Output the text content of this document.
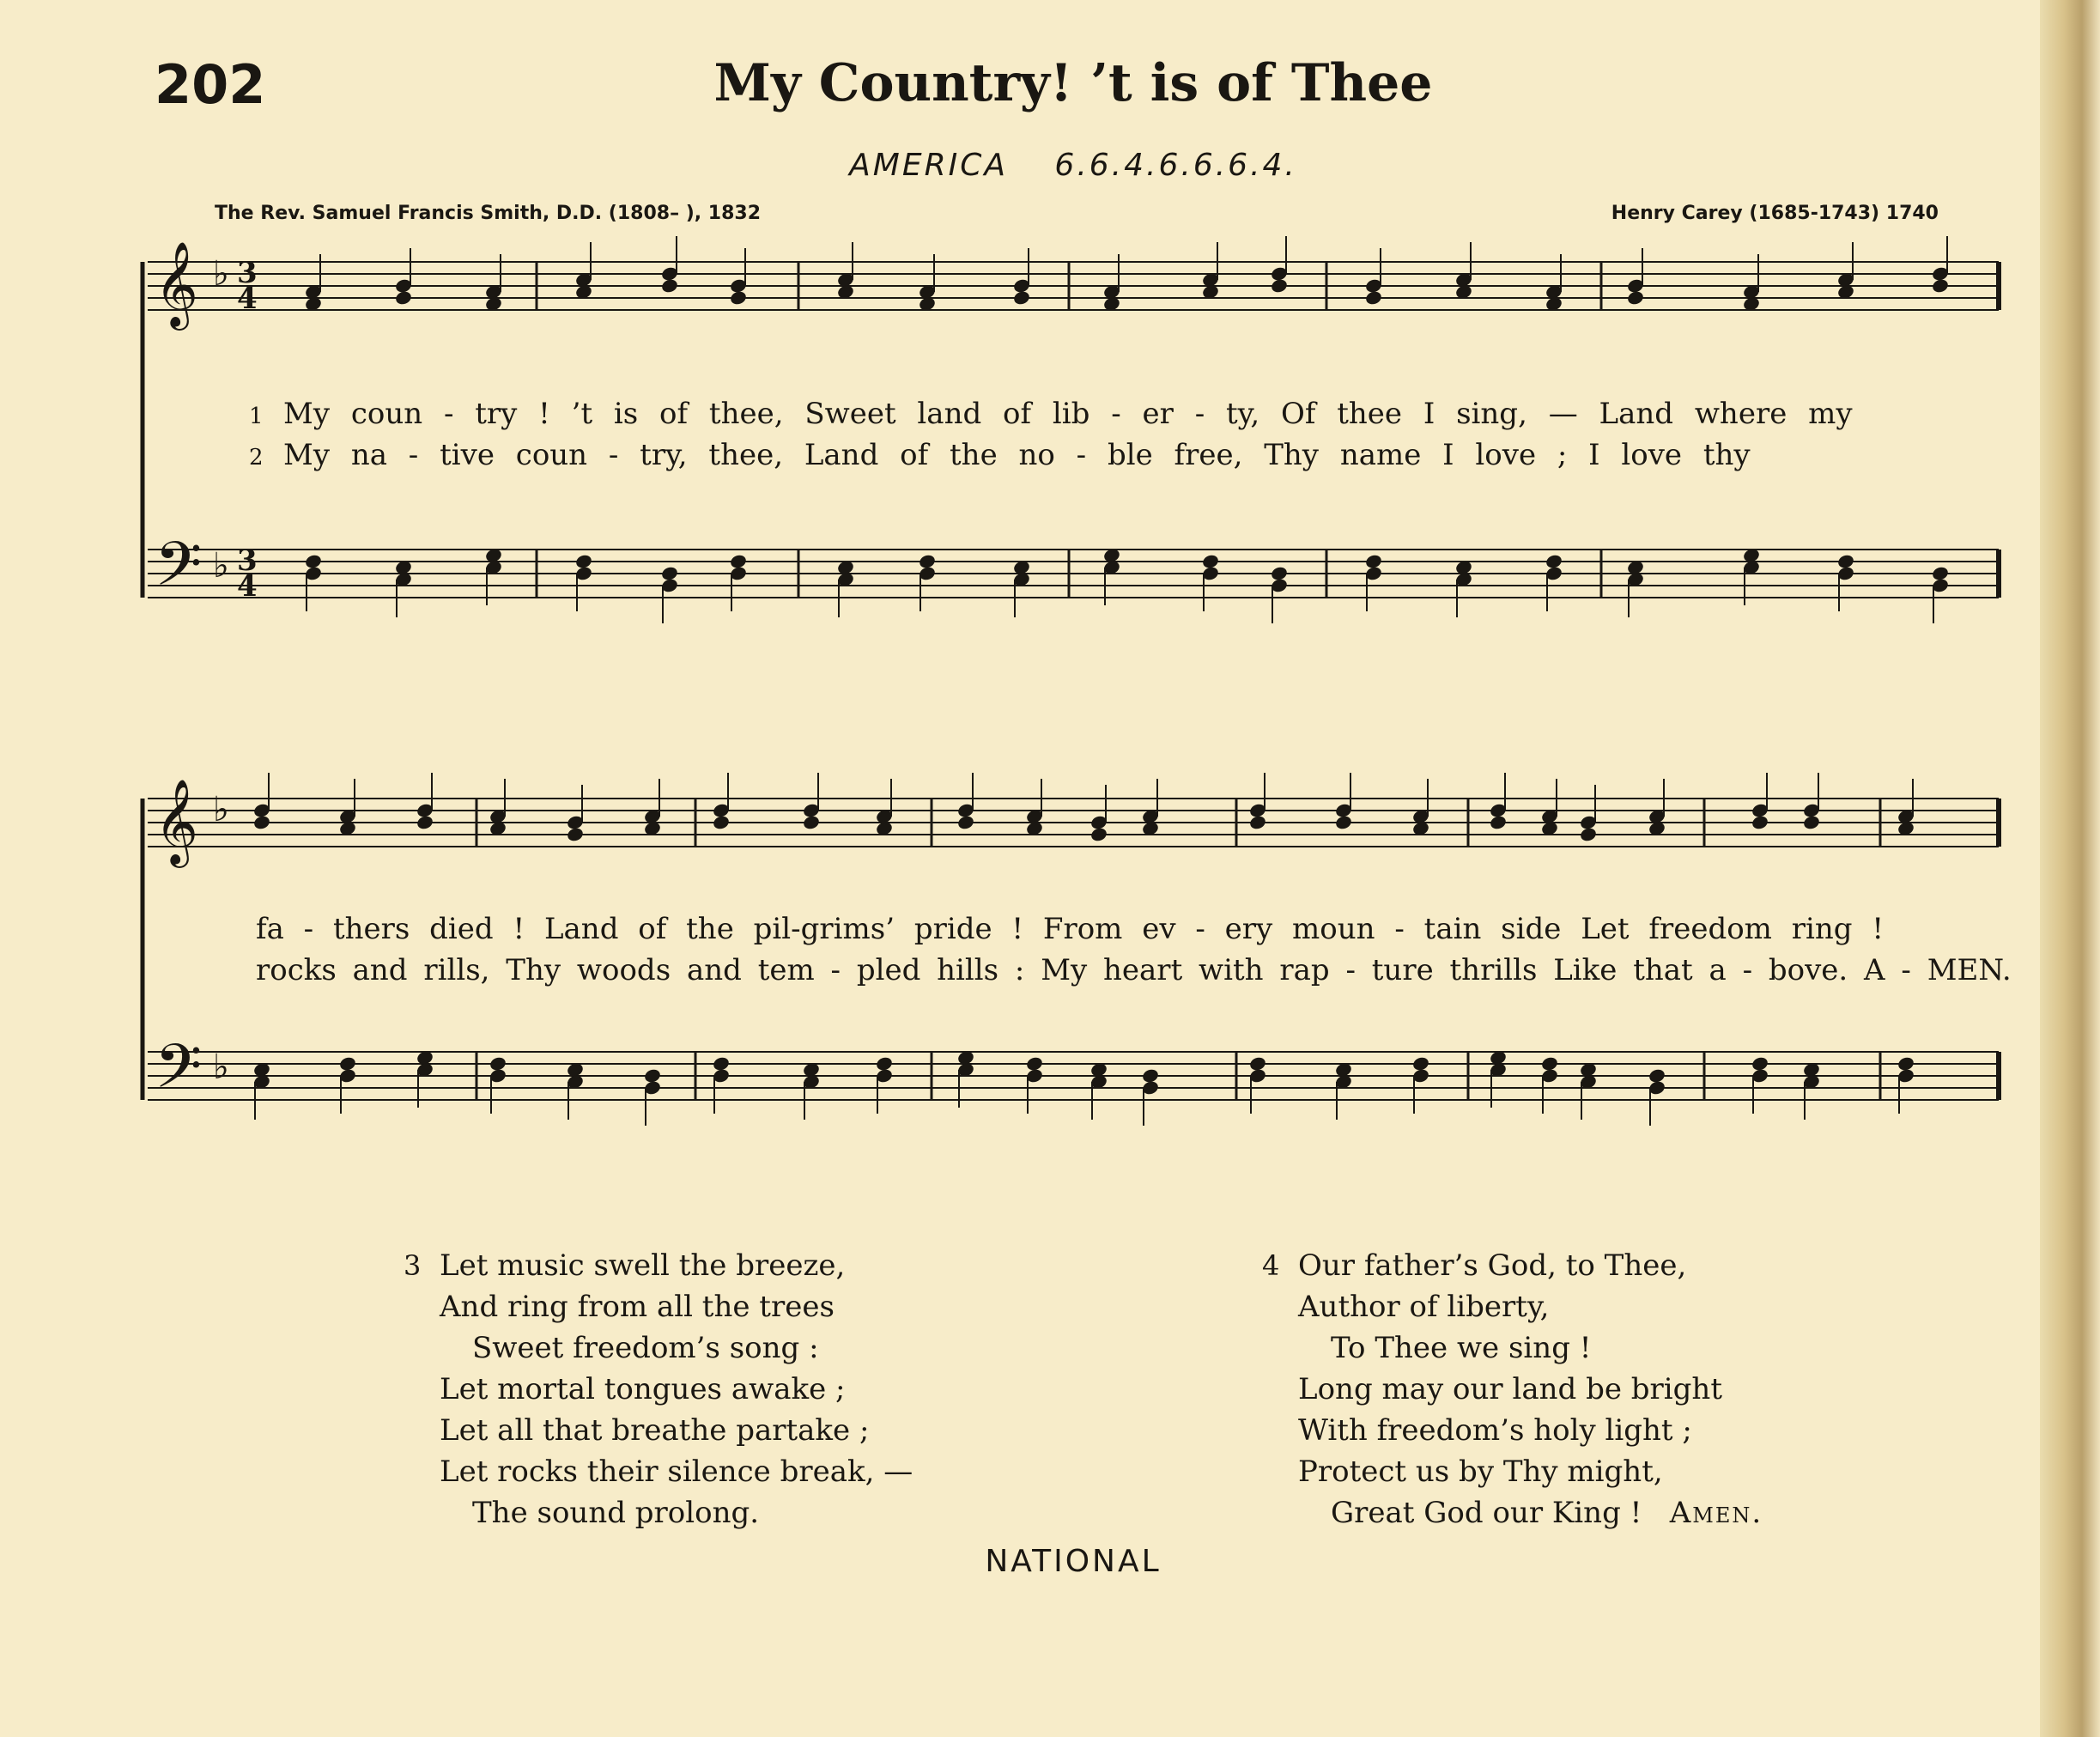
202	My Country! ’t is of Thee
AMERICA 6.6.4.6.6.6.4.
The Rev. Samuel Francis Smith, D.D. (1808– ), 1832	Henry Carey (1685-1743) 1740
𝄞
𝄢
𝄞
𝄢
3
4
3
4
♭
♭
♭
♭
1 My coun - try ! ’t is of thee, Sweet land of lib - er - ty, Of thee I sing, — Land where my
2 My na - tive coun - try, thee, Land of the no - ble free, Thy name I love ; I love thy
fa - thers died ! Land of the pil-grims’ pride ! From ev - ery moun - tain side Let freedom ring !
rocks and rills, Thy woods and tem - pled hills : My heart with rap - ture thrills Like that a - bove. A - MEN.
3 Let music swell the breeze,
And ring from all the trees
Sweet freedom’s song :
Let mortal tongues awake ;
Let all that breathe partake ;
Let rocks their silence break, —
The sound prolong.
4 Our father’s God, to Thee,
Author of liberty,
To Thee we sing !
Long may our land be bright
With freedom’s holy light ;
Protect us by Thy might,
Great God our King ! Amen.
NATIONAL
